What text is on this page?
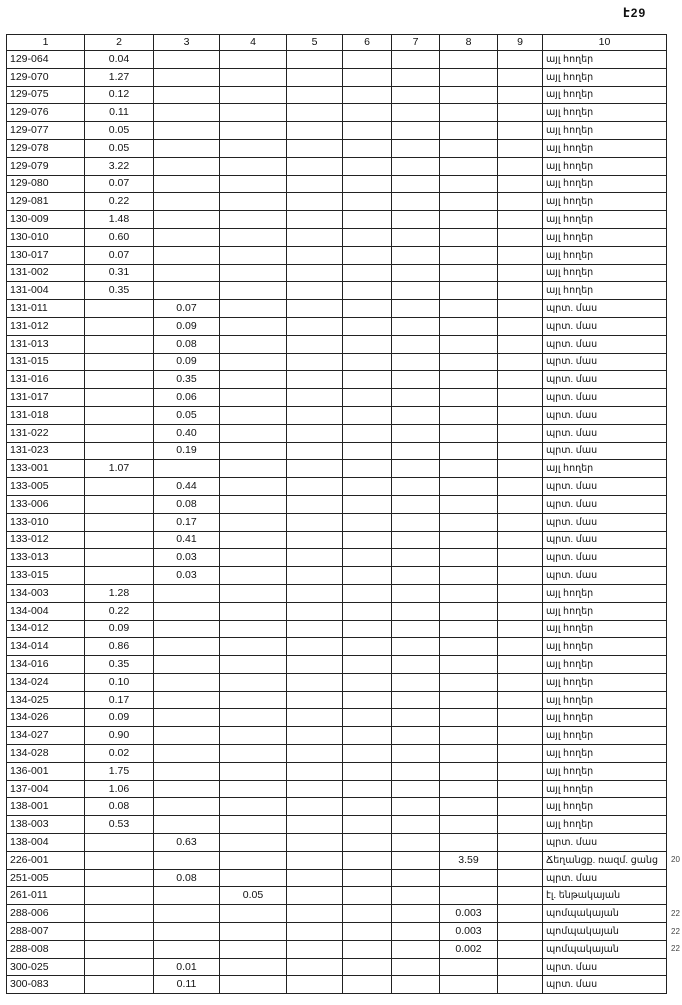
է29
1	2	3	4	5	6	7	8	9	10
129-064	0.04								այլ հողեր
129-070	1.27								այլ հողեր
129-075	0.12								այլ հողեր
129-076	0.11								այլ հողեր
129-077	0.05								այլ հողեր
129-078	0.05								այլ հողեր
129-079	3.22								այլ հողեր
129-080	0.07								այլ հողեր
129-081	0.22								այլ հողեր
130-009	1.48								այլ հողեր
130-010	0.60								այլ հողեր
130-017	0.07								այլ հողեր
131-002	0.31								այլ հողեր
131-004	0.35								այլ հողեր
131-011		0.07							պրտ. մաս
131-012		0.09							պրտ. մաս
131-013		0.08							պրտ. մաս
131-015		0.09							պրտ. մաս
131-016		0.35							պրտ. մաս
131-017		0.06							պրտ. մաս
131-018		0.05							պրտ. մաս
131-022		0.40							պրտ. մաս
131-023		0.19							պրտ. մաս
133-001	1.07								այլ հողեր
133-005		0.44							պրտ. մաս
133-006		0.08							պրտ. մաս
133-010		0.17							պրտ. մաս
133-012		0.41							պրտ. մաս
133-013		0.03							պրտ. մաս
133-015		0.03							պրտ. մաս
134-003	1.28								այլ հողեր
134-004	0.22								այլ հողեր
134-012	0.09								այլ հողեր
134-014	0.86								այլ հողեր
134-016	0.35								այլ հողեր
134-024	0.10								այլ հողեր
134-025	0.17								այլ հողեր
134-026	0.09								այլ հողեր
134-027	0.90								այլ հողեր
134-028	0.02								այլ հողեր
136-001	1.75								այլ հողեր
137-004	1.06								այլ հողեր
138-001	0.08								այլ հողեր
138-003	0.53								այլ հողեր
138-004		0.63							պրտ. մաս
226-001							3.59		Ճեղանցք. ռազմ. ցանց
251-005		0.08							պրտ. մաս
261-011			0.05						էլ. ենթակայան
288-006							0.003		պոմպակայան
288-007							0.003		պոմպակայան
288-008							0.002		պոմպակայան
300-025		0.01							պրտ. մաս
300-083		0.11							պրտ. մաս
20
22
22
22
